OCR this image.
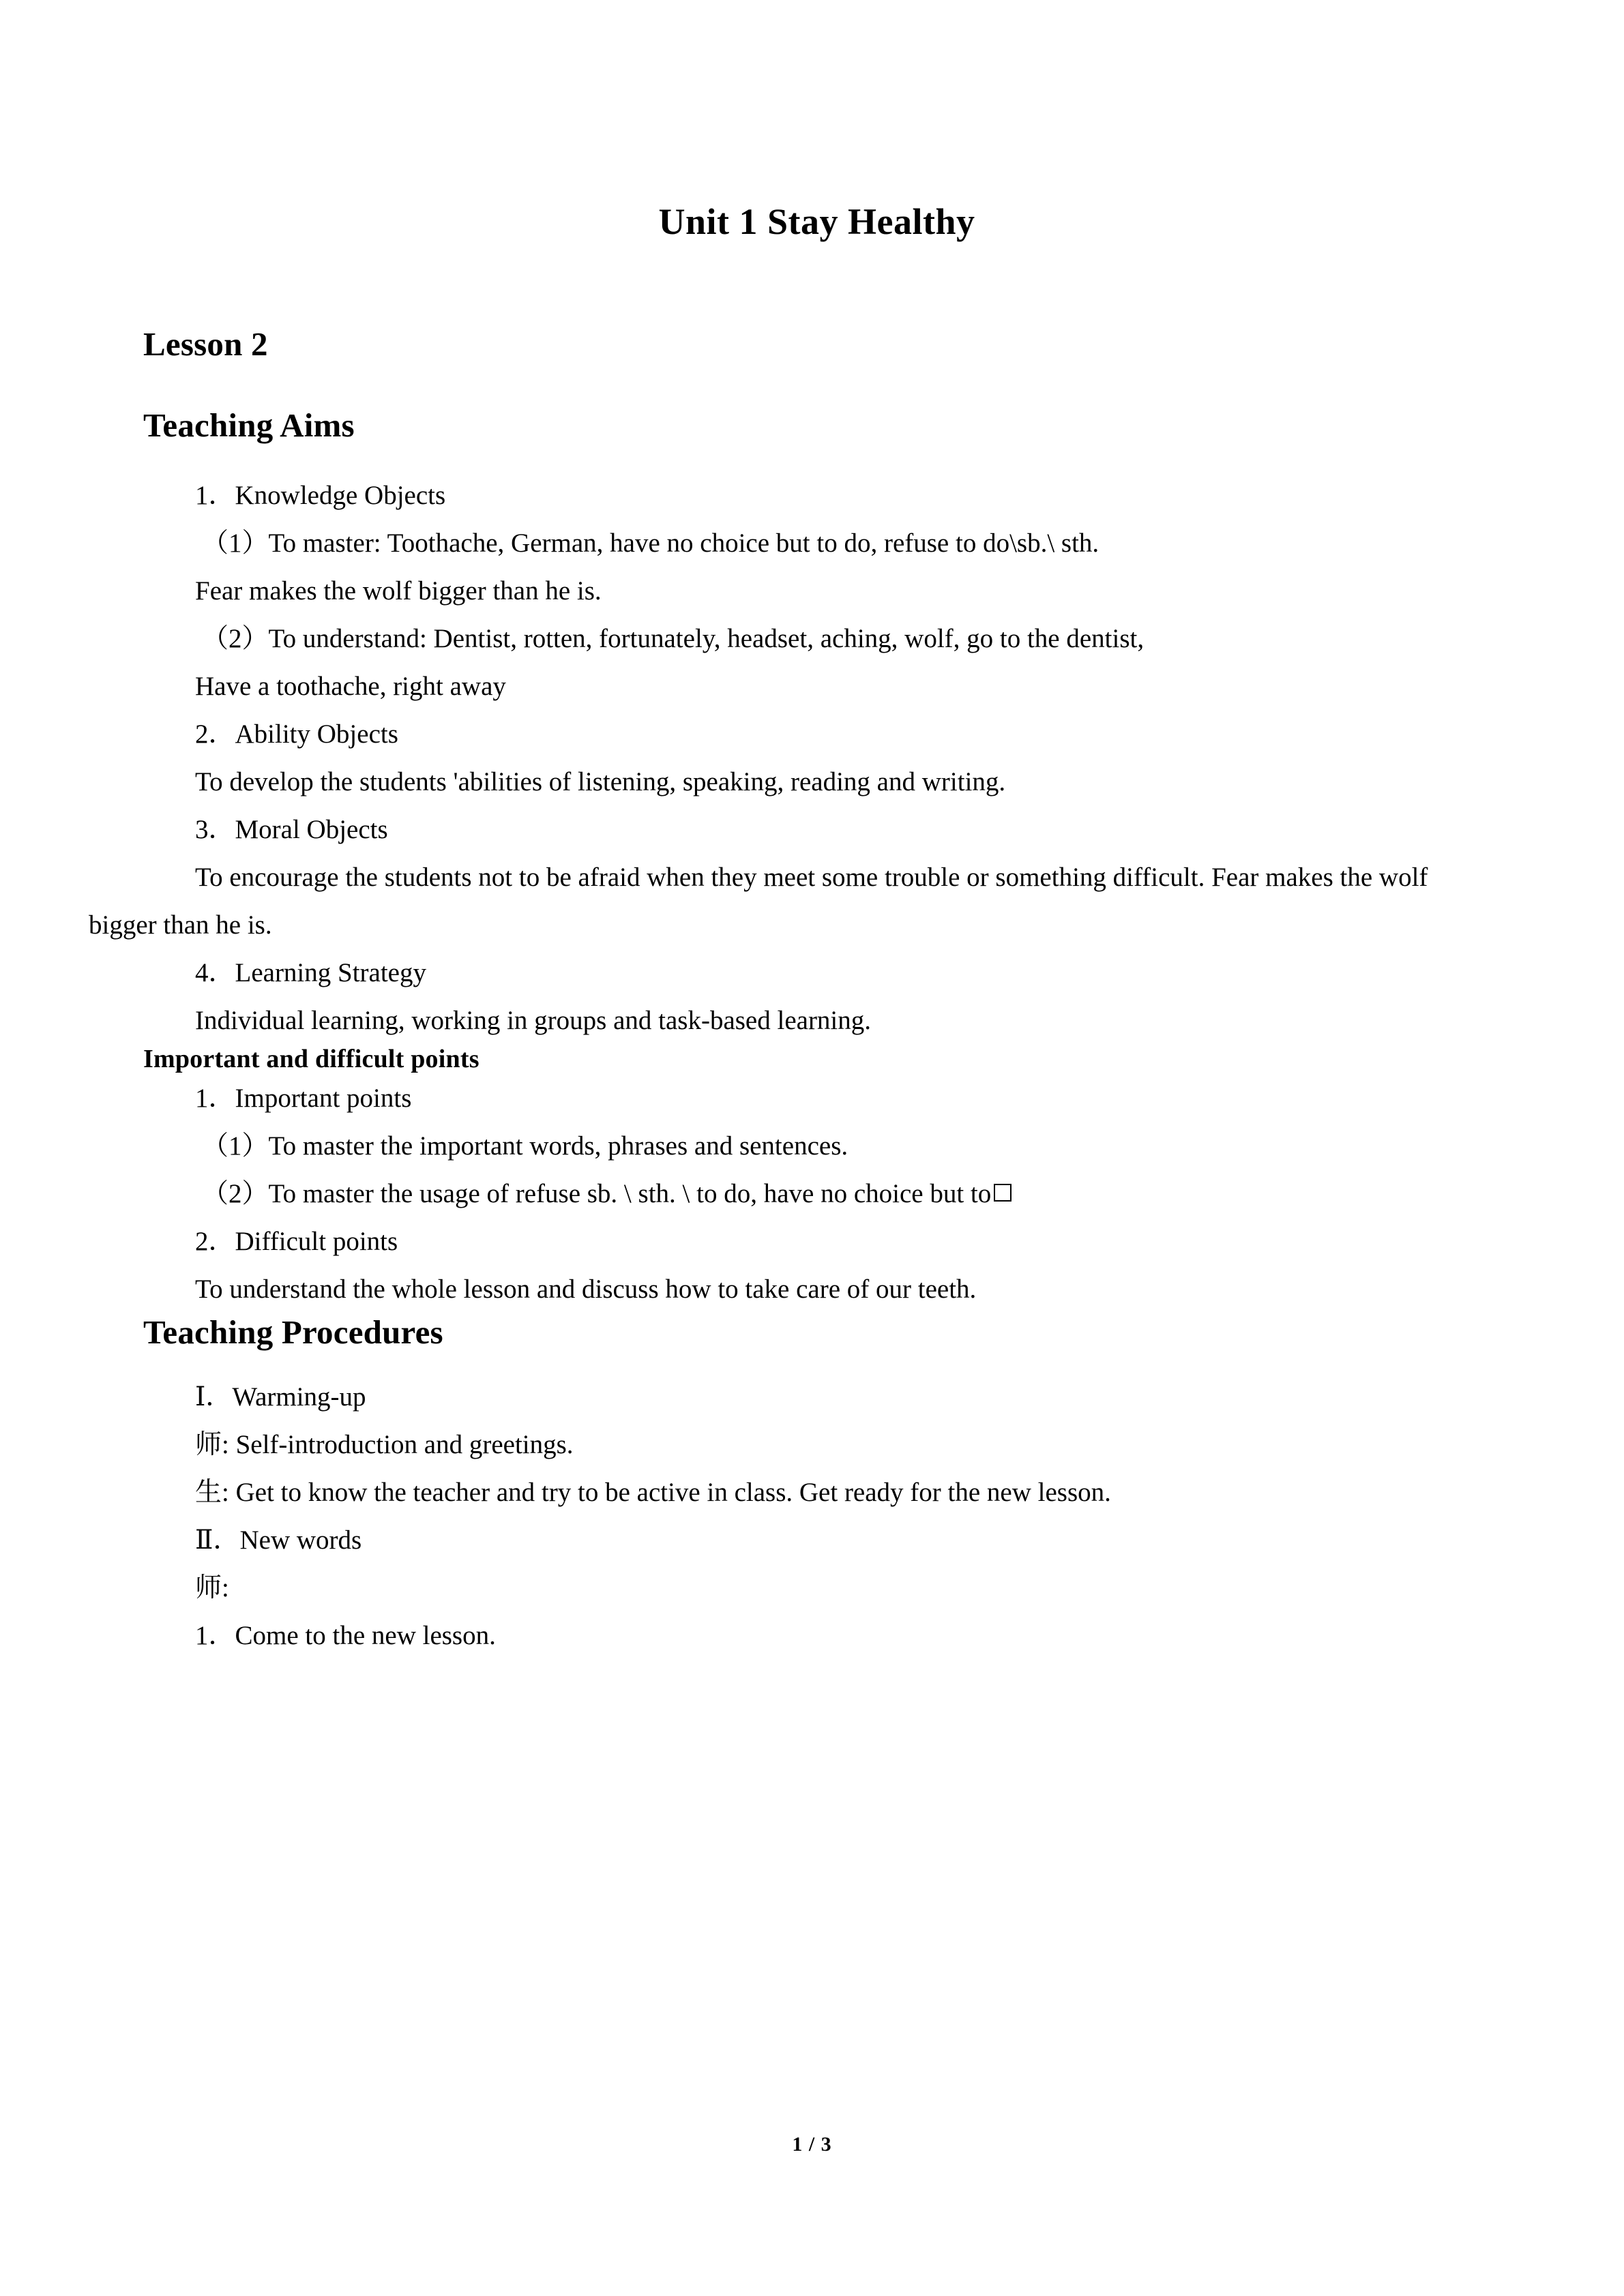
Unit 1 Stay Healthy
Lesson 2
Teaching Aims

1．Knowledge Objects

（1）To master: Toothache, German, have no choice but to do, refuse to do\sb.\ sth.

Fear makes the wolf bigger than he is.

（2）To understand: Dentist, rotten, fortunately, headset, aching, wolf, go to the dentist,

Have a toothache, right away

2．Ability Objects

To develop the students 'abilities of listening, speaking, reading and writing.

3．Moral Objects

To encourage the students not to be afraid when they meet some trouble or something difficult. Fear makes the wolf bigger than he is.

4．Learning Strategy

Individual learning, working in groups and task-based learning.

Important and difficult points

1．Important points

（1）To master the important words, phrases and sentences.

（2）To master the usage of refuse sb. \ sth. \ to do, have no choice but to

2．Difficult points

To understand the whole lesson and discuss how to take care of our teeth.

Teaching Procedures

Ⅰ．Warming-up

师: Self-introduction and greetings.

生: Get to know the teacher and try to be active in class. Get ready for the new lesson.

Ⅱ．New words

师:

1．Come to the new lesson.

1 / 3
